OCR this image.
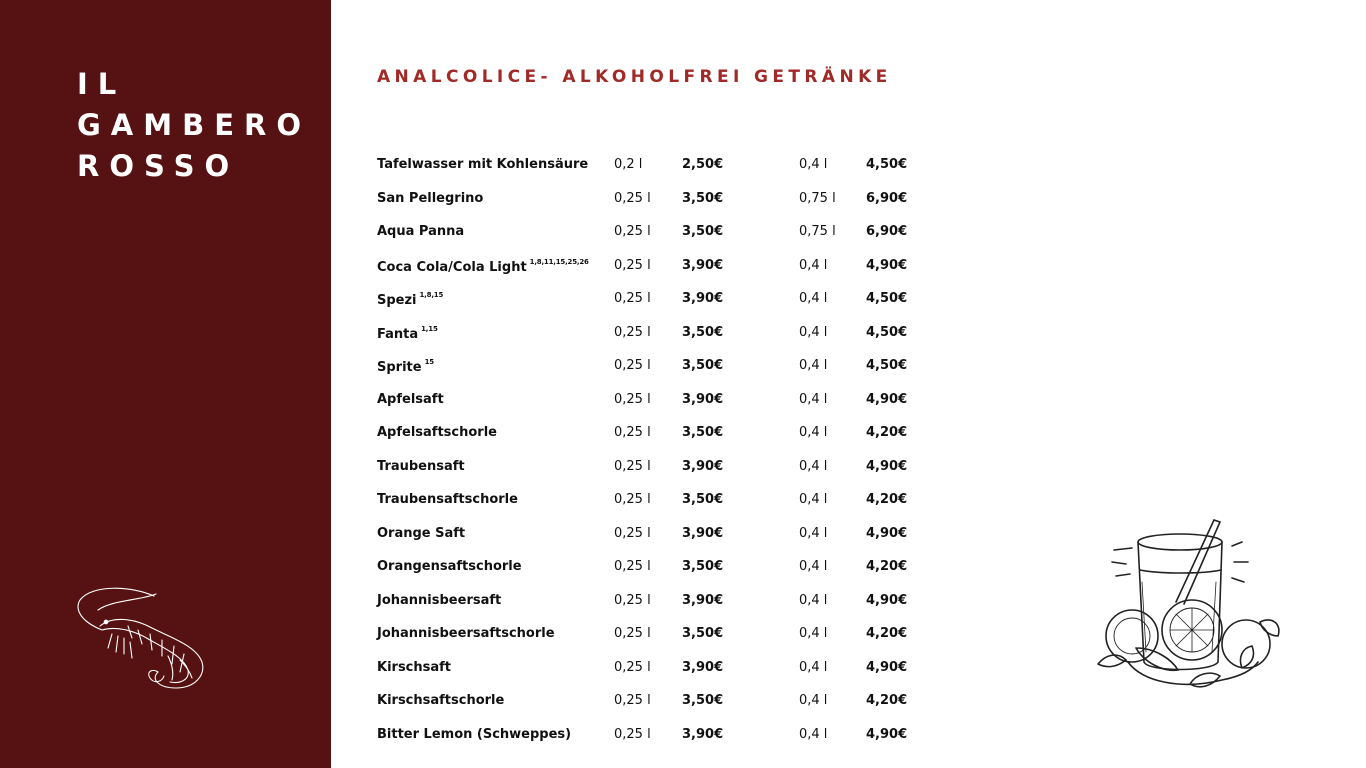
IL
GAMBERO
ROSSO
ANALCOLICE- ALKOHOLFREI GETRÄNKE
Tafelwasser mit Kohlensäure 0,2 l	2,50€	0,4 l	4,50€
San Pellegrino	0,25 l 3,50€	0,75 l 6,90€
Aqua Panna	0,25 l 3,50€	0,75 l 6,90€
Coca Cola/Cola Light $^{1,8,11,15,25,26}$ 0,25 l 3,90€	0,4 l	4,90€
Spezi $^{1,8,15}$	0,25 l 3,90€	0,4 l	4,50€
Fanta $^{1,15}$	0,25 l 3,50€	0,4 l	4,50€
Sprite $^{15}$	0,25 l 3,50€	0,4 l	4,50€
Apfelsaft	0,25 l 3,90€	0,4 l	4,90€
Apfelsaftschorle	0,25 l 3,50€	0,4 l	4,20€
Traubensaft	0,25 l 3,90€	0,4 l	4,90€
Traubensaftschorle	0,25 l 3,50€	0,4 l	4,20€
Orange Saft	0,25 l 3,90€	0,4 l	4,90€
Orangensaftschorle	0,25 l 3,50€	0,4 l	4,20€
Johannisbeersaft	0,25 l 3,90€	0,4 l	4,90€
Johannisbeersaftschorle	0,25 l 3,50€	0,4 l	4,20€
Kirschsaft	0,25 l 3,90€	0,4 l	4,90€
Kirschsaftschorle	0,25 l 3,50€	0,4 l	4,20€
Bitter Lemon (Schweppes)	0,25 l 3,90€	0,4 l	4,90€
